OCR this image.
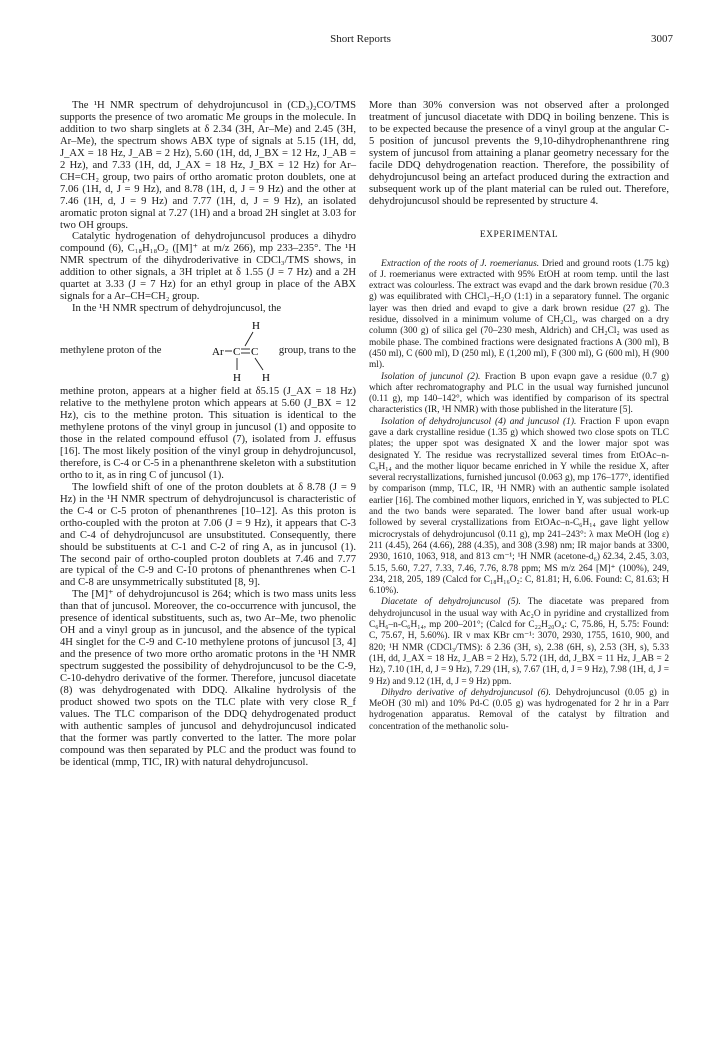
Short Reports	3007

The ¹H NMR spectrum of dehydrojuncusol in (CD₃)₂CO/TMS supports the presence of two aromatic Me groups in the molecule. In addition to two sharp singlets at δ 2.34 (3H, Ar–Me) and 2.45 (3H, Ar–Me), the spectrum shows ABX type of signals at 5.15 (1H, dd, J_AX = 18 Hz, J_AB = 2 Hz), 5.60 (1H, dd, J_BX = 12 Hz, J_AB = 2 Hz), and 7.33 (1H, dd, J_AX = 18 Hz, J_BX = 12 Hz) for Ar–CH=CH₂ group, two pairs of ortho aromatic proton doublets, one at 7.06 (1H, d, J = 9 Hz), and 8.78 (1H, d, J = 9 Hz) and the other at 7.46 (1H, d, J = 9 Hz) and 7.77 (1H, d, J = 9 Hz), an isolated aromatic proton signal at 7.27 (1H) and a broad 2H singlet at 3.03 for two OH groups.

Catalytic hydrogenation of dehydrojuncusol produces a dihydro compound (6), C₁₈H₁₈O₂ ([M]⁺ at m/z 266), mp 233–235°. The ¹H NMR spectrum of the dihydroderivative in CDCl₃/TMS shows, in addition to other signals, a 3H triplet at δ 1.55 (J = 7 Hz) and a 2H quartet at 3.33 (J = 7 Hz) for an ethyl group in place of the ABX signals for a Ar–CH=CH₂ group.

In the ¹H NMR spectrum of dehydrojuncusol, the

methylene proton of the
H
Ar C C
H H
group, trans to the

methine proton, appears at a higher field at δ5.15 (J_AX = 18 Hz) relative to the methylene proton which appears at 5.60 (J_BX = 12 Hz), cis to the methine proton. This situation is identical to the methylene protons of the vinyl group in juncusol (1) and opposite to those in the related compound effusol (7), isolated from J. effusus [16]. The most likely position of the vinyl group in dehydrojuncusol, therefore, is C-4 or C-5 in a phenanthrene skeleton with a substitution ortho to it, as in ring C of juncusol (1).

The lowfield shift of one of the proton doublets at δ 8.78 (J = 9 Hz) in the ¹H NMR spectrum of dehydrojuncusol is characteristic of the C-4 or C-5 proton of phenanthrenes [10–12]. As this proton is ortho-coupled with the proton at 7.06 (J = 9 Hz), it appears that C-3 and C-4 of dehydrojuncusol are unsubstituted. Consequently, there should be substituents at C-1 and C-2 of ring A, as in juncusol (1). The second pair of ortho-coupled proton doublets at 7.46 and 7.77 are typical of the C-9 and C-10 protons of phenanthrenes when C-1 and C-8 are unsymmetrically substituted [8, 9].

The [M]⁺ of dehydrojuncusol is 264; which is two mass units less than that of juncusol. Moreover, the co-occurrence with juncusol, the presence of identical substituents, such as, two Ar–Me, two phenolic OH and a vinyl group as in juncusol, and the absence of the typical 4H singlet for the C-9 and C-10 methylene protons of juncusol [3, 4] and the presence of two more ortho aromatic protons in the ¹H NMR spectrum suggested the possibility of dehydrojuncusol to be the C-9, C-10-dehydro derivative of the former. Therefore, juncusol diacetate (8) was dehydrogenated with DDQ. Alkaline hydrolysis of the product showed two spots on the TLC plate with very close R_f values. The TLC comparison of the DDQ dehydrogenated product with authentic samples of juncusol and dehydrojuncusol indicated that the former was partly converted to the latter. The more polar compound was then separated by PLC and the product was found to be identical (mmp, TIC, IR) with natural dehydrojuncusol.

More than 30% conversion was not observed after a prolonged treatment of juncusol diacetate with DDQ in boiling benzene. This is to be expected because the presence of a vinyl group at the angular C-5 position of juncusol prevents the 9,10-dihydrophenanthrene ring system of juncusol from attaining a planar geometry necessary for the facile DDQ dehydrogenation reaction. Therefore, the possibility of dehydrojuncusol being an artefact produced during the extraction and subsequent work up of the plant material can be ruled out. Therefore, dehydrojuncusol should be represented by structure 4.

EXPERIMENTAL

Extraction of the roots of J. roemerianus. Dried and ground roots (1.75 kg) of J. roemerianus were extracted with 95% EtOH at room temp. until the last extract was colourless. The extract was evapd and the dark brown residue (70.3 g) was equilibrated with CHCl₃–H₂O (1:1) in a separatory funnel. The organic layer was then dried and evapd to give a dark brown residue (27 g). The residue, dissolved in a minimum volume of CH₂Cl₂, was charged on a dry column (300 g) of silica gel (70–230 mesh, Aldrich) and CH₂Cl₂ was used as mobile phase. The combined fractions were designated fractions A (300 ml), B (450 ml), C (600 ml), D (250 ml), E (1,200 ml), F (300 ml), G (600 ml), H (900 ml).

Isolation of juncunol (2). Fraction B upon evapn gave a residue (0.7 g) which after rechromatography and PLC in the usual way furnished juncunol (0.11 g), mp 140–142°, which was identified by comparison of its spectral characteristics (IR, ¹H NMR) with those published in the literature [5].

Isolation of dehydrojuncusol (4) and juncusol (1). Fraction F upon evapn gave a dark crystalline residue (1.35 g) which showed two close spots on TLC plates; the upper spot was designated X and the lower major spot was designated Y. The residue was recrystallized several times from EtOAc–n-C₆H₁₄ and the mother liquor became enriched in Y while the residue X, after several recrystallizations, furnished juncusol (0.063 g), mp 176–177°, identified by comparison (mmp, TLC, IR, ¹H NMR) with an authentic sample isolated earlier [16]. The combined mother liquors, enriched in Y, was subjected to PLC and the two bands were separated. The lower band after usual work-up followed by several crystallizations from EtOAc–n-C₆H₁₄ gave light yellow microcrystals of dehydrojuncusol (0.11 g), mp 241–243°: λ max MeOH (log ε) 211 (4.45), 264 (4.66), 288 (4.35), and 308 (3.98) nm; IR major bands at 3300, 2930, 1610, 1063, 918, and 813 cm⁻¹; ¹H NMR (acetone-d₆) δ2.34, 2.45, 3.03, 5.15, 5.60, 7.27, 7.33, 7.46, 7.76, 8.78 ppm; MS m/z 264 [M]⁺ (100%), 249, 234, 218, 205, 189 (Calcd for C₁₈H₁₆O₂: C, 81.81; H, 6.06. Found: C, 81.63; H 6.10%).

Diacetate of dehydrojuncusol (5). The diacetate was prepared from dehydrojuncusol in the usual way with Ac₂O in pyridine and crystallized from C₆H₆–n-C₆H₁₄, mp 200–201°; (Calcd for C₂₂H₂₀O₄: C, 75.86, H, 5.75: Found: C, 75.67, H, 5.60%). IR ν max KBr cm⁻¹: 3070, 2930, 1755, 1610, 900, and 820; ¹H NMR (CDCl₃/TMS): δ 2.36 (3H, s), 2.38 (6H, s), 2.53 (3H, s), 5.33 (1H, dd, J_AX = 18 Hz, J_AB = 2 Hz), 5.72 (1H, dd, J_BX = 11 Hz, J_AB = 2 Hz), 7.10 (1H, d, J = 9 Hz), 7.29 (1H, s), 7.67 (1H, d, J = 9 Hz), 7.98 (1H, d, J = 9 Hz) and 9.12 (1H, d, J = 9 Hz) ppm.

Dihydro derivative of dehydrojuncusol (6). Dehydrojuncusol (0.05 g) in MeOH (30 ml) and 10% Pd-C (0.05 g) was hydrogenated for 2 hr in a Parr hydrogenation apparatus. Removal of the catalyst by filtration and concentration of the methanolic solu-
